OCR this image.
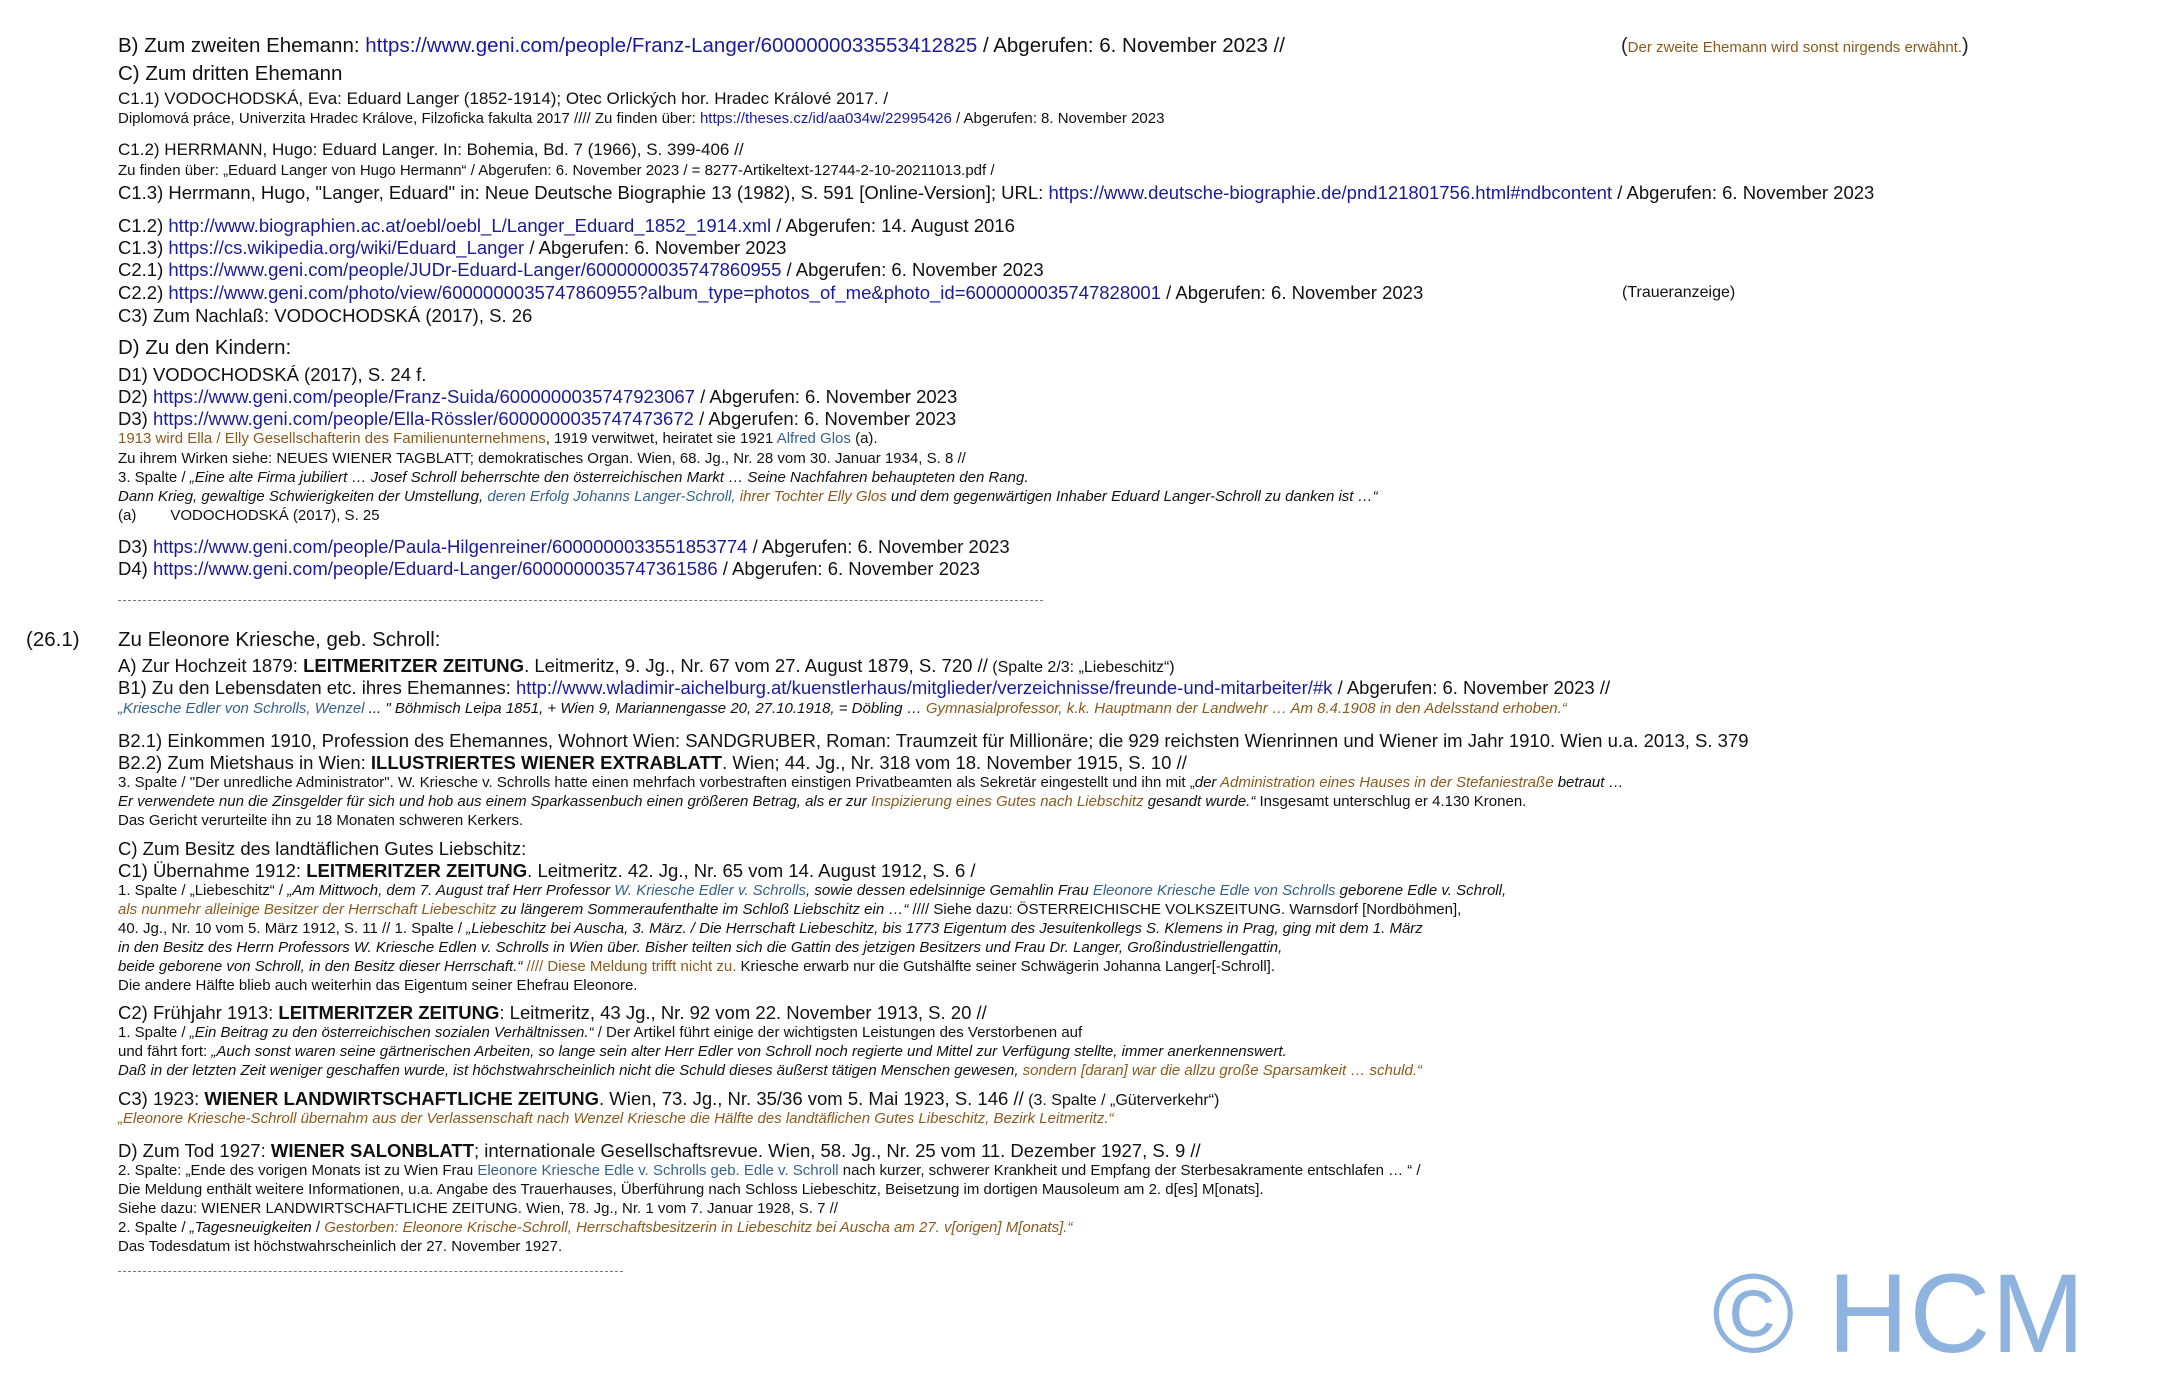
B) Zum zweiten Ehemann: https://www.geni.com/people/Franz-Langer/6000000033553412825 / Abgerufen: 6. November 2023 //	(Der zweite Ehemann wird sonst nirgends erwähnt.)
C) Zum dritten Ehemann
C1.1) VODOCHODSKÁ, Eva: Eduard Langer (1852-1914); Otec Orlických hor. Hradec Králové 2017. /
Diplomová práce, Univerzita Hradec Králove, Filzoficka fakulta 2017 //// Zu finden über: https://theses.cz/id/aa034w/22995426 / Abgerufen: 8. November 2023
C1.2) HERRMANN, Hugo: Eduard Langer. In: Bohemia, Bd. 7 (1966), S. 399-406 //
Zu finden über: „Eduard Langer von Hugo Hermann“ / Abgerufen: 6. November 2023 / = 8277-Artikeltext-12744-2-10-20211013.pdf /
C1.3) Herrmann, Hugo, "Langer, Eduard" in: Neue Deutsche Biographie 13 (1982), S. 591 [Online-Version]; URL: https://www.deutsche-biographie.de/pnd121801756.html#ndbcontent / Abgerufen: 6. November 2023
C1.2) http://www.biographien.ac.at/oebl/oebl_L/Langer_Eduard_1852_1914.xml / Abgerufen: 14. August 2016
C1.3) https://cs.wikipedia.org/wiki/Eduard_Langer / Abgerufen: 6. November 2023
C2.1) https://www.geni.com/people/JUDr-Eduard-Langer/6000000035747860955 / Abgerufen: 6. November 2023
C2.2) https://www.geni.com/photo/view/6000000035747860955?album_type=photos_of_me&photo_id=6000000035747828001 / Abgerufen: 6. November 2023	(Traueranzeige)
C3) Zum Nachlaß: VODOCHODSKÁ (2017), S. 26
D) Zu den Kindern:
D1) VODOCHODSKÁ (2017), S. 24 f.
D2) https://www.geni.com/people/Franz-Suida/6000000035747923067 / Abgerufen: 6. November 2023
D3) https://www.geni.com/people/Ella-Rössler/6000000035747473672 / Abgerufen: 6. November 2023
1913 wird Ella / Elly Gesellschafterin des Familienunternehmens, 1919 verwitwet, heiratet sie 1921 Alfred Glos (a).
Zu ihrem Wirken siehe: NEUES WIENER TAGBLATT; demokratisches Organ. Wien, 68. Jg., Nr. 28 vom 30. Januar 1934, S. 8 //
3. Spalte / „Eine alte Firma jubiliert … Josef Schroll beherrschte den österreichischen Markt … Seine Nachfahren behaupteten den Rang.
Dann Krieg, gewaltige Schwierigkeiten der Umstellung, deren Erfolg Johanns Langer-Schroll, ihrer Tochter Elly Glos und dem gegenwärtigen Inhaber Eduard Langer-Schroll zu danken ist …“
(a) VODOCHODSKÁ (2017), S. 25
D3) https://www.geni.com/people/Paula-Hilgenreiner/6000000033551853774 / Abgerufen: 6. November 2023
D4) https://www.geni.com/people/Eduard-Langer/6000000035747361586 / Abgerufen: 6. November 2023
(26.1) Zu Eleonore Kriesche, geb. Schroll:
A) Zur Hochzeit 1879: LEITMERITZER ZEITUNG. Leitmeritz, 9. Jg., Nr. 67 vom 27. August 1879, S. 720 // (Spalte 2/3: „Liebeschitz“)
B1) Zu den Lebensdaten etc. ihres Ehemannes: http://www.wladimir-aichelburg.at/kuenstlerhaus/mitglieder/verzeichnisse/freunde-und-mitarbeiter/#k / Abgerufen: 6. November 2023 //
„Kriesche Edler von Schrolls, Wenzel ... " Böhmisch Leipa 1851, + Wien 9, Mariannengasse 20, 27.10.1918, = Döbling … Gymnasialprofessor, k.k. Hauptmann der Landwehr … Am 8.4.1908 in den Adelsstand erhoben.“
B2.1) Einkommen 1910, Profession des Ehemannes, Wohnort Wien: SANDGRUBER, Roman: Traumzeit für Millionäre; die 929 reichsten Wienrinnen und Wiener im Jahr 1910. Wien u.a. 2013, S. 379
B2.2) Zum Mietshaus in Wien: ILLUSTRIERTES WIENER EXTRABLATT. Wien; 44. Jg., Nr. 318 vom 18. November 1915, S. 10 //
3. Spalte / "Der unredliche Administrator". W. Kriesche v. Schrolls hatte einen mehrfach vorbestraften einstigen Privatbeamten als Sekretär eingestellt und ihn mit „der Administration eines Hauses in der Stefaniestraße betraut …
Er verwendete nun die Zinsgelder für sich und hob aus einem Sparkassenbuch einen größeren Betrag, als er zur Inspizierung eines Gutes nach Liebschitz gesandt wurde.“ Insgesamt unterschlug er 4.130 Kronen.
Das Gericht verurteilte ihn zu 18 Monaten schweren Kerkers.
C) Zum Besitz des landtäflichen Gutes Liebschitz:
C1) Übernahme 1912: LEITMERITZER ZEITUNG. Leitmeritz. 42. Jg., Nr. 65 vom 14. August 1912, S. 6 /
1. Spalte / „Liebeschitz“ / „Am Mittwoch, dem 7. August traf Herr Professor W. Kriesche Edler v. Schrolls, sowie dessen edelsinnige Gemahlin Frau Eleonore Kriesche Edle von Schrolls geborene Edle v. Schroll,
als nunmehr alleinige Besitzer der Herrschaft Liebeschitz zu längerem Sommeraufenthalte im Schloß Liebschitz ein …“ //// Siehe dazu: ÖSTERREICHISCHE VOLKSZEITUNG. Warnsdorf [Nordböhmen],
40. Jg., Nr. 10 vom 5. März 1912, S. 11 // 1. Spalte / „Liebeschitz bei Auscha, 3. März. / Die Herrschaft Liebeschitz, bis 1773 Eigentum des Jesuitenkollegs S. Klemens in Prag, ging mit dem 1. März
in den Besitz des Herrn Professors W. Kriesche Edlen v. Schrolls in Wien über. Bisher teilten sich die Gattin des jetzigen Besitzers und Frau Dr. Langer, Großindustriellengattin,
beide geborene von Schroll, in den Besitz dieser Herrschaft.“ //// Diese Meldung trifft nicht zu. Kriesche erwarb nur die Gutshälfte seiner Schwägerin Johanna Langer[-Schroll].
Die andere Hälfte blieb auch weiterhin das Eigentum seiner Ehefrau Eleonore.
C2) Frühjahr 1913: LEITMERITZER ZEITUNG: Leitmeritz, 43 Jg., Nr. 92 vom 22. November 1913, S. 20 //
1. Spalte / „Ein Beitrag zu den österreichischen sozialen Verhältnissen.“ / Der Artikel führt einige der wichtigsten Leistungen des Verstorbenen auf
und fährt fort: „Auch sonst waren seine gärtnerischen Arbeiten, so lange sein alter Herr Edler von Schroll noch regierte und Mittel zur Verfügung stellte, immer anerkennenswert.
Daß in der letzten Zeit weniger geschaffen wurde, ist höchstwahrscheinlich nicht die Schuld dieses äußerst tätigen Menschen gewesen, sondern [daran] war die allzu große Sparsamkeit … schuld.“
C3) 1923: WIENER LANDWIRTSCHAFTLICHE ZEITUNG. Wien, 73. Jg., Nr. 35/36 vom 5. Mai 1923, S. 146 // (3. Spalte / „Güterverkehr“)
„Eleonore Kriesche-Schroll übernahm aus der Verlassenschaft nach Wenzel Kriesche die Hälfte des landtäflichen Gutes Libeschitz, Bezirk Leitmeritz.“
D) Zum Tod 1927: WIENER SALONBLATT; internationale Gesellschaftsrevue. Wien, 58. Jg., Nr. 25 vom 11. Dezember 1927, S. 9 //
2. Spalte: „Ende des vorigen Monats ist zu Wien Frau Eleonore Kriesche Edle v. Schrolls geb. Edle v. Schroll nach kurzer, schwerer Krankheit und Empfang der Sterbesakramente entschlafen … “ /
Die Meldung enthält weitere Informationen, u.a. Angabe des Trauerhauses, Überführung nach Schloss Liebeschitz, Beisetzung im dortigen Mausoleum am 2. d[es] M[onats].
Siehe dazu: WIENER LANDWIRTSCHAFTLICHE ZEITUNG. Wien, 78. Jg., Nr. 1 vom 7. Januar 1928, S. 7 //
2. Spalte / „Tagesneuigkeiten / Gestorben: Eleonore Krische-Schroll, Herrschaftsbesitzerin in Liebeschitz bei Auscha am 27. v[origen] M[onats].“
Das Todesdatum ist höchstwahrscheinlich der 27. November 1927.
© HCM
